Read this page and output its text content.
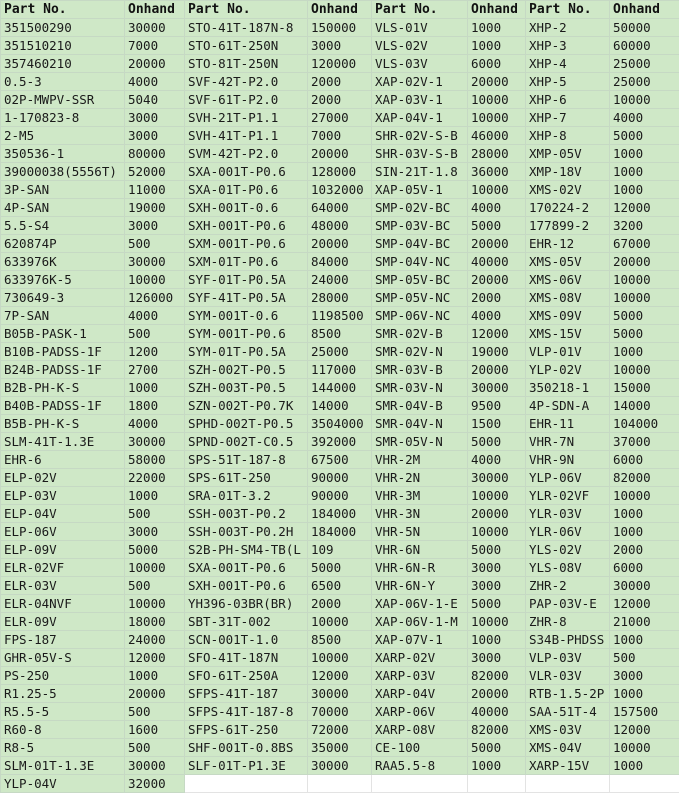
Part No.	Onhand	Part No.	Onhand	Part No.	Onhand	Part No.	Onhand
351500290	30000	STO-41T-187N-8	150000	VLS-01V	1000	XHP-2	50000
351510210	7000	STO-61T-250N	3000	VLS-02V	1000	XHP-3	60000
357460210	20000	STO-81T-250N	120000	VLS-03V	6000	XHP-4	25000
0.5-3	4000	SVF-42T-P2.0	2000	XAP-02V-1	20000	XHP-5	25000
02P-MWPV-SSR	5040	SVF-61T-P2.0	2000	XAP-03V-1	10000	XHP-6	10000
1-170823-8	3000	SVH-21T-P1.1	27000	XAP-04V-1	10000	XHP-7	4000
2-M5	3000	SVH-41T-P1.1	7000	SHR-02V-S-B	46000	XHP-8	5000
350536-1	80000	SVM-42T-P2.0	20000	SHR-03V-S-B	28000	XMP-05V	1000
39000038(5556T)	52000	SXA-001T-P0.6	128000	SIN-21T-1.8	36000	XMP-18V	1000
3P-SAN	11000	SXA-01T-P0.6	1032000	XAP-05V-1	10000	XMS-02V	1000
4P-SAN	19000	SXH-001T-0.6	64000	SMP-02V-BC	4000	170224-2	12000
5.5-S4	3000	SXH-001T-P0.6	48000	SMP-03V-BC	5000	177899-2	3200
620874P	500	SXM-001T-P0.6	20000	SMP-04V-BC	20000	EHR-12	67000
633976K	30000	SXM-01T-P0.6	84000	SMP-04V-NC	40000	XMS-05V	20000
633976K-5	10000	SYF-01T-P0.5A	24000	SMP-05V-BC	20000	XMS-06V	10000
730649-3	126000	SYF-41T-P0.5A	28000	SMP-05V-NC	2000	XMS-08V	10000
7P-SAN	4000	SYM-001T-0.6	1198500	SMP-06V-NC	4000	XMS-09V	5000
B05B-PASK-1	500	SYM-001T-P0.6	8500	SMR-02V-B	12000	XMS-15V	5000
B10B-PADSS-1F	1200	SYM-01T-P0.5A	25000	SMR-02V-N	19000	VLP-01V	1000
B24B-PADSS-1F	2700	SZH-002T-P0.5	117000	SMR-03V-B	20000	YLP-02V	10000
B2B-PH-K-S	1000	SZH-003T-P0.5	144000	SMR-03V-N	30000	350218-1	15000
B40B-PADSS-1F	1800	SZN-002T-P0.7K	14000	SMR-04V-B	9500	4P-SDN-A	14000
B5B-PH-K-S	4000	SPHD-002T-P0.5	3504000	SMR-04V-N	1500	EHR-11	104000
SLM-41T-1.3E	30000	SPND-002T-C0.5	392000	SMR-05V-N	5000	VHR-7N	37000
EHR-6	58000	SPS-51T-187-8	67500	VHR-2M	4000	VHR-9N	6000
ELP-02V	22000	SPS-61T-250	90000	VHR-2N	30000	YLP-06V	82000
ELP-03V	1000	SRA-01T-3.2	90000	VHR-3M	10000	YLR-02VF	10000
ELP-04V	500	SSH-003T-P0.2	184000	VHR-3N	20000	YLR-03V	1000
ELP-06V	3000	SSH-003T-P0.2H	184000	VHR-5N	10000	YLR-06V	1000
ELP-09V	5000	S2B-PH-SM4-TB(L	109	VHR-6N	5000	YLS-02V	2000
ELR-02VF	10000	SXA-001T-P0.6	5000	VHR-6N-R	3000	YLS-08V	6000
ELR-03V	500	SXH-001T-P0.6	6500	VHR-6N-Y	3000	ZHR-2	30000
ELR-04NVF	10000	YH396-03BR(BR)	2000	XAP-06V-1-E	5000	PAP-03V-E	12000
ELR-09V	18000	SBT-31T-002	10000	XAP-06V-1-M	10000	ZHR-8	21000
FPS-187	24000	SCN-001T-1.0	8500	XAP-07V-1	1000	S34B-PHDSS	1000
GHR-05V-S	12000	SFO-41T-187N	10000	XARP-02V	3000	VLP-03V	500
PS-250	1000	SFO-61T-250A	12000	XARP-03V	82000	VLR-03V	3000
R1.25-5	20000	SFPS-41T-187	30000	XARP-04V	20000	RTB-1.5-2P	1000
R5.5-5	500	SFPS-41T-187-8	70000	XARP-06V	40000	SAA-51T-4	157500
R60-8	1600	SFPS-61T-250	72000	XARP-08V	82000	XMS-03V	12000
R8-5	500	SHF-001T-0.8BS	35000	CE-100	5000	XMS-04V	10000
SLM-01T-1.3E	30000	SLF-01T-P1.3E	30000	RAA5.5-8	1000	XARP-15V	1000
YLP-04V	32000						
